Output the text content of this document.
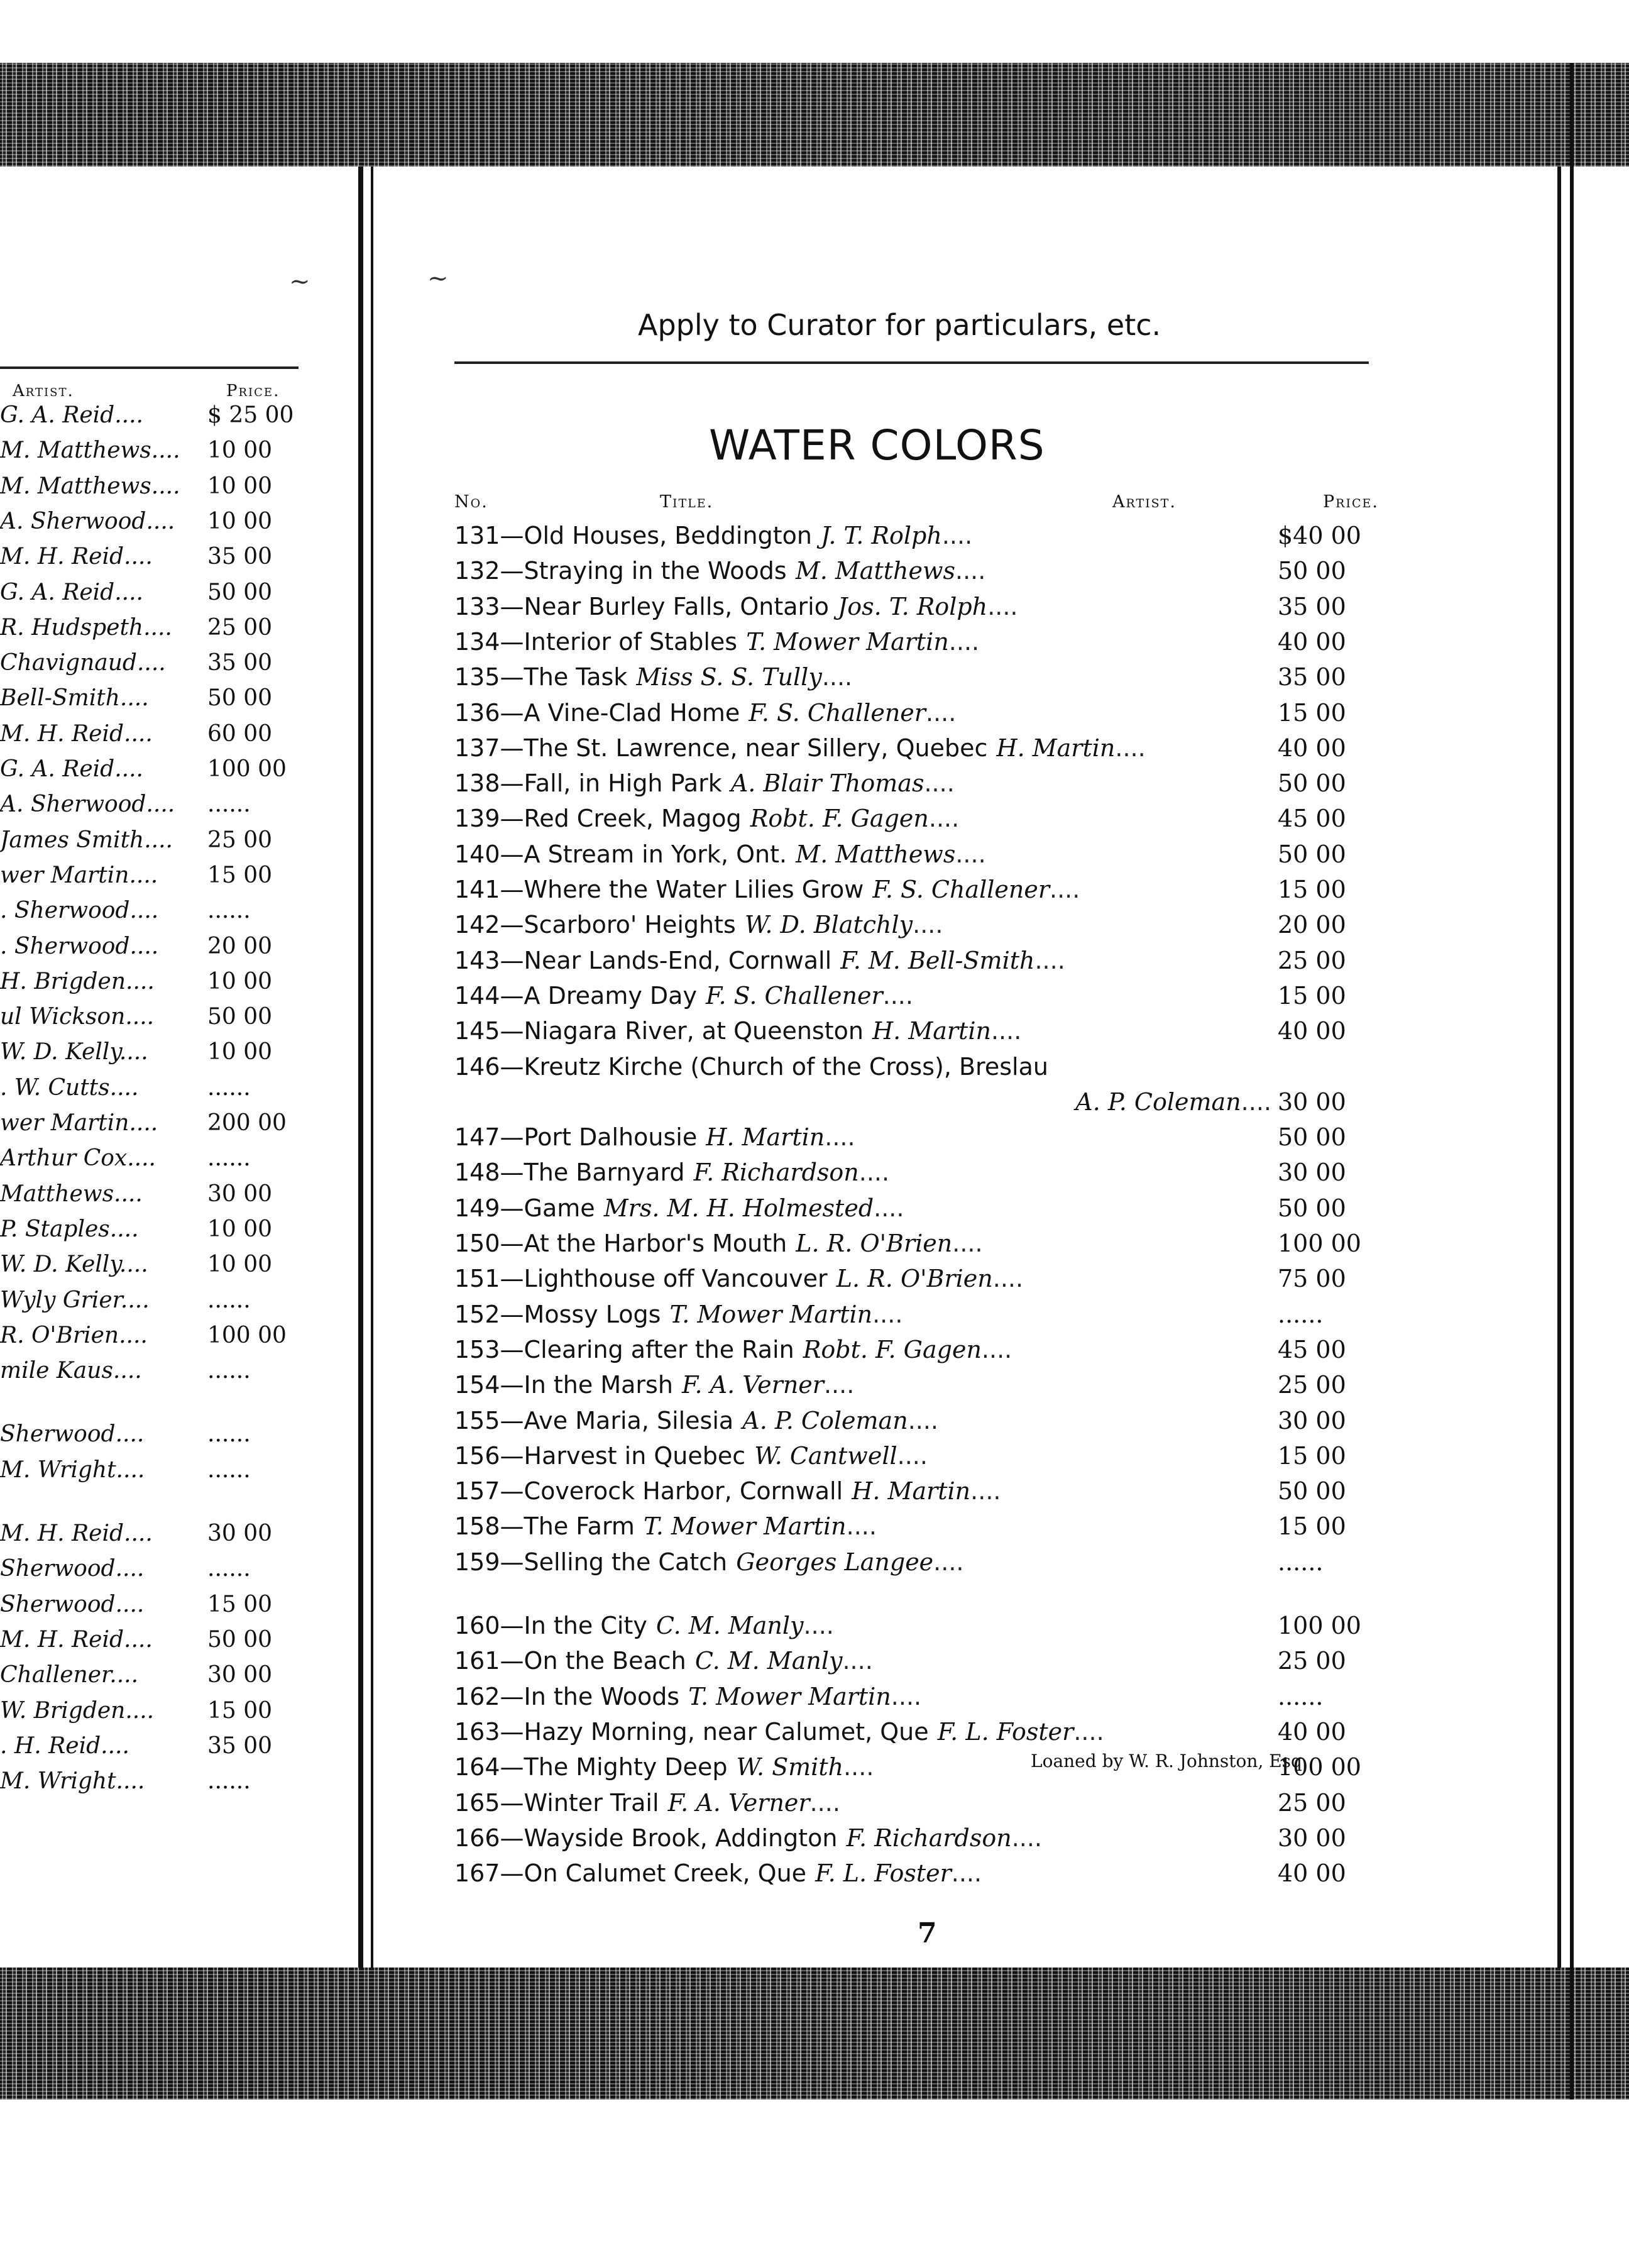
~
Artist.	Price.
G. A. Reid....	$ 25 00
M. Matthews....	10 00
M. Matthews....	10 00
A. Sherwood....	10 00
M. H. Reid....	35 00
G. A. Reid....	50 00
R. Hudspeth....	25 00
Chavignaud....	35 00
Bell-Smith....	50 00
M. H. Reid....	60 00
G. A. Reid....	100 00
A. Sherwood....	......
James Smith....	25 00
wer Martin....	15 00
. Sherwood....	......
. Sherwood....	20 00
H. Brigden....	10 00
ul Wickson....	50 00
W. D. Kelly....	10 00
. W. Cutts....	......
wer Martin....	200 00
Arthur Cox....	......
Matthews....	30 00
P. Staples....	10 00
W. D. Kelly....	10 00
Wyly Grier....	......
R. O'Brien....	100 00
mile Kaus....	......
Sherwood....	......
M. Wright....	......
M. H. Reid....	30 00
Sherwood....	......
Sherwood....	15 00
M. H. Reid....	50 00
Challener....	30 00
W. Brigden....	15 00
. H. Reid....	35 00
M. Wright....	......
~
Apply to Curator for particulars, etc.
WATER COLORS
No.	Title.	Artist.	Price.
131—Old Houses, Beddington J. T. Rolph....	$40 00
132—Straying in the Woods M. Matthews....	50 00
133—Near Burley Falls, Ontario Jos. T. Rolph....	35 00
134—Interior of Stables T. Mower Martin....	40 00
135—The Task Miss S. S. Tully....	35 00
136—A Vine-Clad Home F. S. Challener....	15 00
137—The St. Lawrence, near Sillery, Quebec H. Martin....	40 00
138—Fall, in High Park A. Blair Thomas....	50 00
139—Red Creek, Magog Robt. F. Gagen....	45 00
140—A Stream in York, Ont. M. Matthews....	50 00
141—Where the Water Lilies Grow F. S. Challener....	15 00
142—Scarboro' Heights W. D. Blatchly....	20 00
143—Near Lands-End, Cornwall F. M. Bell-Smith....	25 00
144—A Dreamy Day F. S. Challener....	15 00
145—Niagara River, at Queenston H. Martin....	40 00
146—Kreutz Kirche (Church of the Cross), Breslau
A. P. Coleman.... 30 00
147—Port Dalhousie H. Martin....	50 00
148—The Barnyard F. Richardson....	30 00
149—Game Mrs. M. H. Holmested....	50 00
150—At the Harbor's Mouth L. R. O'Brien....	100 00
151—Lighthouse off Vancouver L. R. O'Brien....	75 00
152—Mossy Logs T. Mower Martin....	......
153—Clearing after the Rain Robt. F. Gagen....	45 00
154—In the Marsh F. A. Verner....	25 00
155—Ave Maria, Silesia A. P. Coleman....	30 00
156—Harvest in Quebec W. Cantwell....	15 00
157—Coverock Harbor, Cornwall H. Martin....	50 00
158—The Farm T. Mower Martin....	15 00
159—Selling the Catch Georges Langee....	......
160—In the City C. M. Manly....	100 00
161—On the Beach C. M. Manly....	25 00
162—In the Woods T. Mower Martin....	......
163—Hazy Morning, near Calumet, Que F. L. Foster....	40 00
164—The Mighty Deep W. Smith....	100 00
165—Winter Trail F. A. Verner....	25 00
166—Wayside Brook, Addington F. Richardson....	30 00
167—On Calumet Creek, Que F. L. Foster....	40 00
Loaned by W. R. Johnston, Esq.
7
